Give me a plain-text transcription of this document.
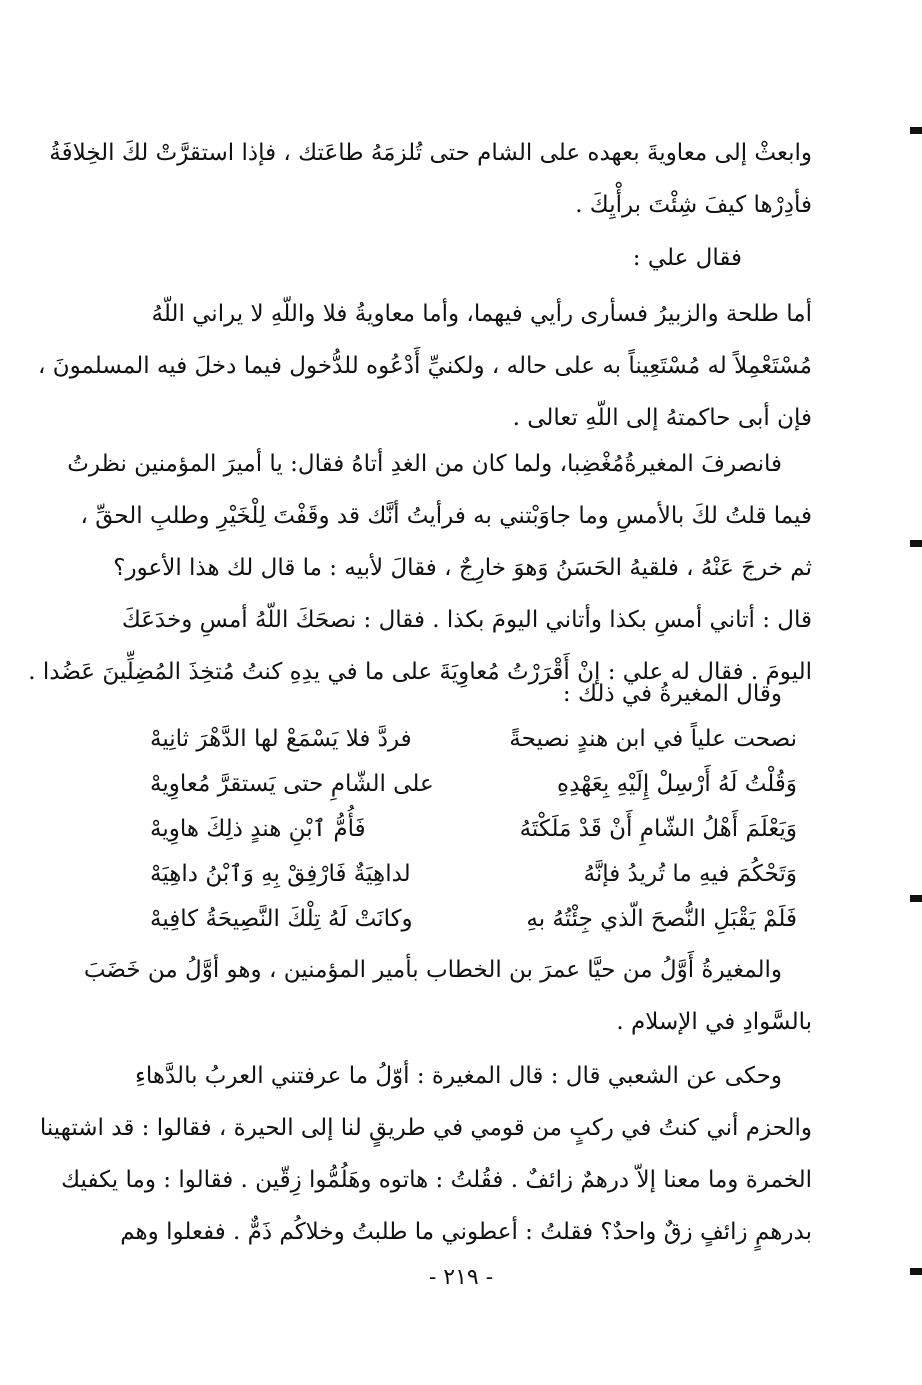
وابعثْ إلى معاويةَ بعهده على الشام حتى تُلزمَهُ طاعَتك ، فإذا استقرَّتْ لكَ الخِلافَةُ
فأدِرْها كيفَ شِئْتَ برأْيِكَ .
فقال علي :
أما طلحة والزبيرُ فسأرى رأيي فيهما، وأما معاويةُ فلا واللّهِ لا يراني اللّهُ
مُسْتَعْمِلاً له مُسْتَعِيناً به على حاله ، ولكنيِّ أَدْعُوه للدُّخول فيما دخلَ فيه المسلمونَ ،
فإن أبى حاكمتهُ إلى اللّهِ تعالى .
فانصرفَ المغيرةُمُغْضِبا، ولما كان من الغدِ أتاهُ فقال: يا أميرَ المؤمنين نظرتُ
فيما قلتُ لكَ بالأمسِ وما جاوَبْتني به فرأيتُ أنَّك قد وقَفْتَ لِلْخَيْرِ وطلبِ الحقِّ ،
ثم خرجَ عَنْهُ ، فلقيهُ الحَسَنُ وَهوَ خارِجٌ ، فقالَ لأبيه : ما قال لك هذا الأعور؟
قال : أتاني أمسِ بكذا وأتاني اليومَ بكذا . فقال : نصحَكَ اللّهُ أمسِ وخدَعَكَ
اليومَ . فقال له علي : إنْ أَقْرَرْتُ مُعاوِيَةَ على ما في يدِهِ كنتُ مُتخِذَ المُضِلِّينَ عَضُدا .
وقال المغيرةُ في ذلك :
نصحت علياً في ابن هندٍ نصيحةً
فردَّ فلا يَسْمَعْ لها الدَّهْرَ ثانِيهْ
وَقُلْتُ لَهُ أَرْسِلْ إِلَيْهِ بِعَهْدِهِ
على الشّامِ حتى يَستقرَّ مُعاوِيهْ
وَيَعْلَمَ أَهْلُ الشّامِ أَنْ قَدْ مَلَكْتَهُ
فَأُمُّ ٱبْنِ هندٍ ذلِكَ هاوِيهْ
وَتَحْكُمَ فيهِ ما تُريدُ فإنَّهُ
لداهِيَةٌ فَارْفِقْ بِهِ وَٱبْنُ داهِيَهْ
فَلَمْ يَقْبَلِ النُّصحَ الّذي جِئْتُهُ بهِ
وكانَتْ لَهُ تِلْكَ النَّصِيحَةُ كافِيهْ
والمغيرةُ أَوَّلُ من حيَّا عمرَ بن الخطاب بأمير المؤمنين ، وهو أوَّلُ من خَضَبَ
بالسَّوادِ في الإسلام .
وحكى عن الشعبي قال : قال المغيرة : أوّلُ ما عرفتني العربُ بالدَّهاءِ
والحزم أني كنتُ في ركبٍ من قومي في طريقٍ لنا إلى الحيرة ، فقالوا : قد اشتهينا
الخمرة وما معنا إلاّ درهمٌ زائفٌ . فقُلتُ : هاتوه وهَلُمُّوا زِقّين . فقالوا : وما يكفيك
بدرهمٍ زائفٍ زقٌ واحدٌ؟ فقلتُ : أعطوني ما طلبتُ وخلاكُم ذَمٌّ . ففعلوا وهم
- ٢١٩ -
